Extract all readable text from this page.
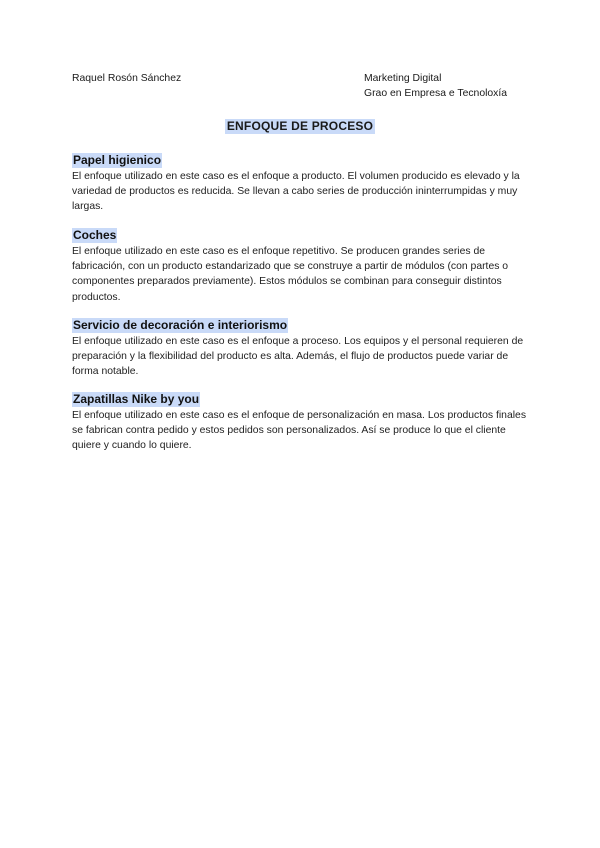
Raquel Rosón Sánchez	Marketing Digital
Grao en Empresa e Tecnoloxía
ENFOQUE DE PROCESO
Papel higienico
El enfoque utilizado en este caso es el enfoque a producto. El volumen producido es elevado y la variedad de productos es reducida. Se llevan a cabo series de producción ininterrumpidas y muy largas.
Coches
El enfoque utilizado en este caso es el enfoque repetitivo. Se producen grandes series de fabricación, con un producto estandarizado que se construye a partir de módulos (con partes o componentes preparados previamente). Estos módulos se combinan para conseguir distintos productos.
Servicio de decoración e interiorismo
El enfoque utilizado en este caso es el enfoque a proceso. Los equipos y el personal requieren de preparación y la flexibilidad del producto es alta. Además, el flujo de productos puede variar de forma notable.
Zapatillas Nike by you
El enfoque utilizado en este caso es el enfoque de personalización en masa. Los productos finales se fabrican contra pedido y estos pedidos son personalizados. Así se produce lo que el cliente quiere y cuando lo quiere.
